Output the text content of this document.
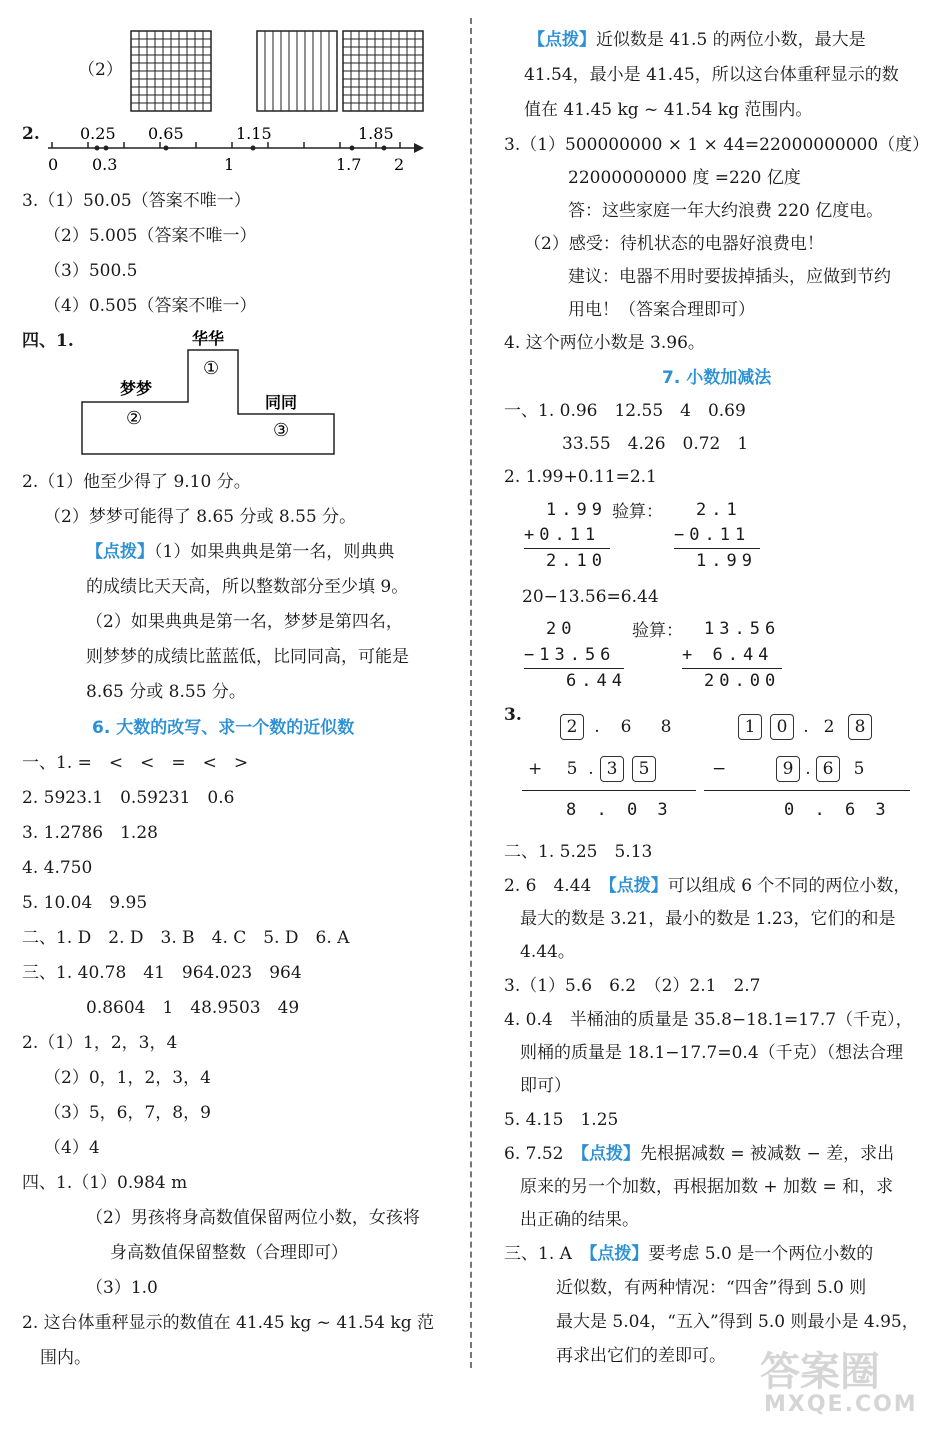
（2）
2.	0.25 0.65	1.15	1.85
0 0.3	1	1.7 2
3.（1）50.05（答案不唯一）
（2）5.005（答案不唯一）
（3）500.5
（4）0.505（答案不唯一）
四、1.	华华
①
梦梦
②
同同
③
2.（1）他至少得了 9.10 分。
（2）梦梦可能得了 8.65 分或 8.55 分。
【点拨】（1）如果典典是第一名，则典典
的成绩比天天高，所以整数部分至少填 9。
（2）如果典典是第一名，梦梦是第四名，
则梦梦的成绩比蓝蓝低，比同同高，可能是
8.65 分或 8.55 分。
6. 大数的改写、求一个数的近似数
一、1. =　<　<　=　<　>
2. 5923.1　0.59231　0.6
3. 1.2786　1.28
4. 4.750
5. 10.04　9.95
二、1. D　2. D　3. B　4. C　5. D　6. A
三、1. 40.78　41　964.023　964
0.8604　1　48.9503　49
2.（1）1，2，3，4
（2）0，1，2，3，4
（3）5，6，7，8，9
（4）4
四、1.（1）0.984 m
（2）男孩将身高数值保留两位小数，女孩将
身高数值保留整数（合理即可）
（3）1.0
2. 这台体重秤显示的数值在 41.45 kg ~ 41.54 kg 范
围内。
【点拨】近似数是 41.5 的两位小数，最大是
41.54，最小是 41.45，所以这台体重秤显示的数
值在 41.45 kg ~ 41.54 kg 范围内。
3.（1）500000000 × 1 × 44=22000000000（度）
22000000000 度 =220 亿度
答：这些家庭一年大约浪费 220 亿度电。
（2）感受：待机状态的电器好浪费电！
建议：电器不用时要拔掉插头，应做到节约
用电！（答案合理即可）
4. 这个两位小数是 3.96。
7. 小数加减法
一、1. 0.96　12.55　4　0.69
33.55　4.26　0.72　1
2. 1.99+0.11=2.1
1.99 验算：
+0.11
2.10
2.1
−0.11
1.99
20−13.56=6.44
20	验算：
−13.56
6.44
13.56
+ 6.44
20.00
3.
2 . 6 8
+ 5 . 3 5
8 . 0 3
1 0 . 2 8
−	9 . 6 5
0 . 6 3
二、1. 5.25　5.13
2. 6　4.44　【点拨】可以组成 6 个不同的两位小数，
最大的数是 3.21，最小的数是 1.23，它们的和是
4.44。
3.（1）5.6　6.2　（2）2.1　2.7
4. 0.4　半桶油的质量是 35.8−18.1=17.7（千克），
则桶的质量是 18.1−17.7=0.4（千克）（想法合理
即可）
5. 4.15　1.25
6. 7.52　【点拨】先根据减数 = 被减数 − 差，求出
原来的另一个加数，再根据加数 + 加数 = 和，求
出正确的结果。
三、1. A　【点拨】要考虑 5.0 是一个两位小数的
近似数，有两种情况：“四舍”得到 5.0 则
最大是 5.04，“五入”得到 5.0 则最小是 4.95，
再求出它们的差即可。 答案圈
MXQE.COM
